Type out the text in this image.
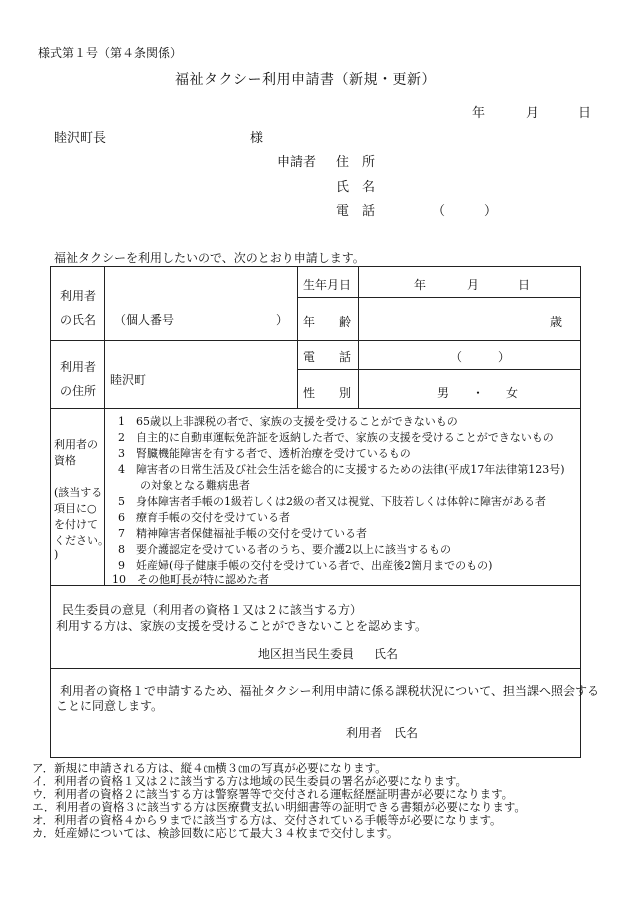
様式第１号（第４条関係）
福祉タクシー利用申請書（新規・更新）
年	月	日
睦沢町長	様
申請者 住　所
氏　名
電　話	（　　　）
福祉タクシーを利用したいので、次のとおり申請します。
利用者
の氏名 （個人番号	）
生年月日	年	月	日
年　　齢	歳
利用者
の住所
睦沢町
電　　話	（　　　）
性　　別	男 ・ 女
利用者の
資格
(該当する
項目に○
を付けて
ください。
)
1　65歳以上非課税の者で、家族の支援を受けることができないもの
2　自主的に自動車運転免許証を返納した者で、家族の支援を受けることができないもの
3　腎臓機能障害を有する者で、透析治療を受けているもの
4　障害者の日常生活及び社会生活を総合的に支援するための法律(平成17年法律第123号)
　　の対象となる難病患者
5　身体障害者手帳の1級若しくは2級の者又は視覚、下肢若しくは体幹に障害がある者
6　療育手帳の交付を受けている者
7　精神障害者保健福祉手帳の交付を受けている者
8　要介護認定を受けている者のうち、要介護2以上に該当するもの
9　妊産婦(母子健康手帳の交付を受けている者で、出産後2箇月までのもの)
10　その他町長が特に認めた者
民生委員の意見（利用者の資格１又は２に該当する方）
利用する方は、家族の支援を受けることができないことを認めます。
地区担当民生委員 氏名
利用者の資格１で申請するため、福祉タクシー利用申請に係る課税状況について、担当課へ照会する
ことに同意します。
利用者 氏名
ア．新規に申請される方は、縦４㎝横３㎝の写真が必要になります。
イ．利用者の資格１又は２に該当する方は地域の民生委員の署名が必要になります。
ウ．利用者の資格２に該当する方は警察署等で交付される運転経歴証明書が必要になります。
エ．利用者の資格３に該当する方は医療費支払い明細書等の証明できる書類が必要になります。
オ．利用者の資格４から９までに該当する方は、交付されている手帳等が必要になります。
カ．妊産婦については、検診回数に応じて最大３４枚まで交付します。
